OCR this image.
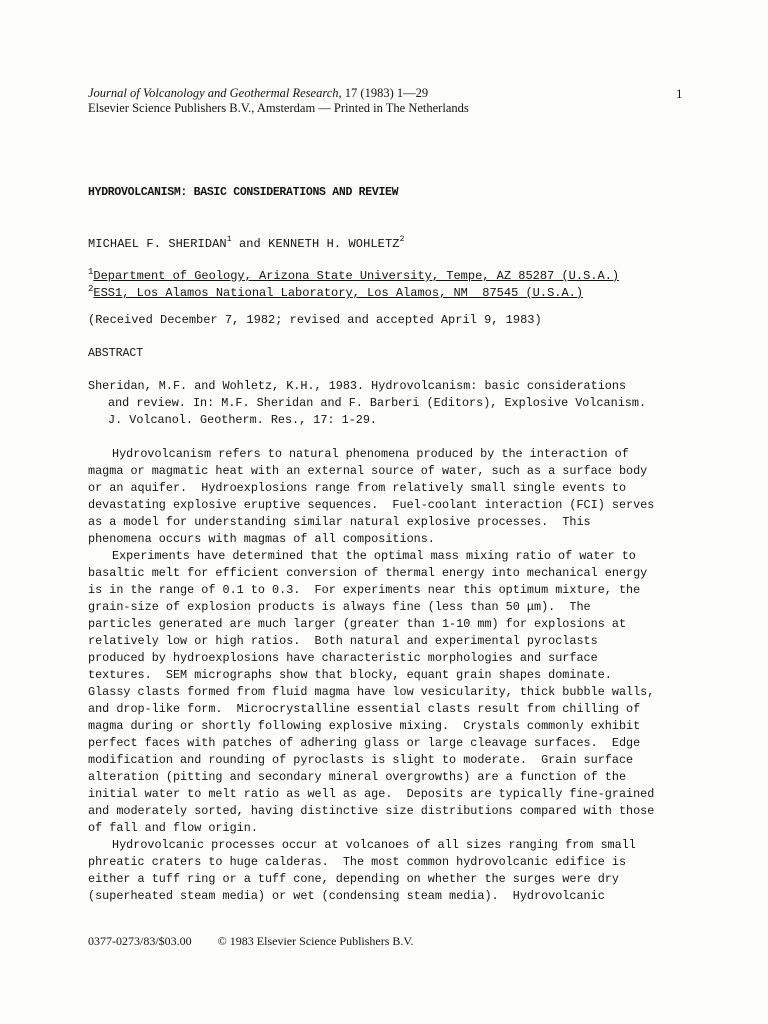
Journal of Volcanology and Geothermal Research, 17 (1983) 1—29
Elsevier Science Publishers B.V., Amsterdam — Printed in The Netherlands
1
HYDROVOLCANISM: BASIC CONSIDERATIONS AND REVIEW
MICHAEL F. SHERIDAN$^1$ and KENNETH H. WOHLETZ$^2$
$^1$Department of Geology, Arizona State University, Tempe, AZ 85287 (U.S.A.)
$^2$ESS1, Los Alamos National Laboratory, Los Alamos, NM  87545 (U.S.A.)
(Received December 7, 1982; revised and accepted April 9, 1983)
ABSTRACT
Sheridan, M.F. and Wohletz, K.H., 1983. Hydrovolcanism: basic considerations
and review. In: M.F. Sheridan and F. Barberi (Editors), Explosive Volcanism.
J. Volcanol. Geotherm. Res., 17: 1-29.
Hydrovolcanism refers to natural phenomena produced by the interaction of
magma or magmatic heat with an external source of water, such as a surface body
or an aquifer.  Hydroexplosions range from relatively small single events to
devastating explosive eruptive sequences.  Fuel-coolant interaction (FCI) serves
as a model for understanding similar natural explosive processes.  This
phenomena occurs with magmas of all compositions.
Experiments have determined that the optimal mass mixing ratio of water to
basaltic melt for efficient conversion of thermal energy into mechanical energy
is in the range of 0.1 to 0.3.  For experiments near this optimum mixture, the
grain-size of explosion products is always fine (less than 50 μm).  The
particles generated are much larger (greater than 1-10 mm) for explosions at
relatively low or high ratios.  Both natural and experimental pyroclasts
produced by hydroexplosions have characteristic morphologies and surface
textures.  SEM micrographs show that blocky, equant grain shapes dominate.
Glassy clasts formed from fluid magma have low vesicularity, thick bubble walls,
and drop-like form.  Microcrystalline essential clasts result from chilling of
magma during or shortly following explosive mixing.  Crystals commonly exhibit
perfect faces with patches of adhering glass or large cleavage surfaces.  Edge
modification and rounding of pyroclasts is slight to moderate.  Grain surface
alteration (pitting and secondary mineral overgrowths) are a function of the
initial water to melt ratio as well as age.  Deposits are typically fine-grained
and moderately sorted, having distinctive size distributions compared with those
of fall and flow origin.
Hydrovolcanic processes occur at volcanoes of all sizes ranging from small
phreatic craters to huge calderas.  The most common hydrovolcanic edifice is
either a tuff ring or a tuff cone, depending on whether the surges were dry
(superheated steam media) or wet (condensing steam media).  Hydrovolcanic
0377-0273/83/$03.00 © 1983 Elsevier Science Publishers B.V.
